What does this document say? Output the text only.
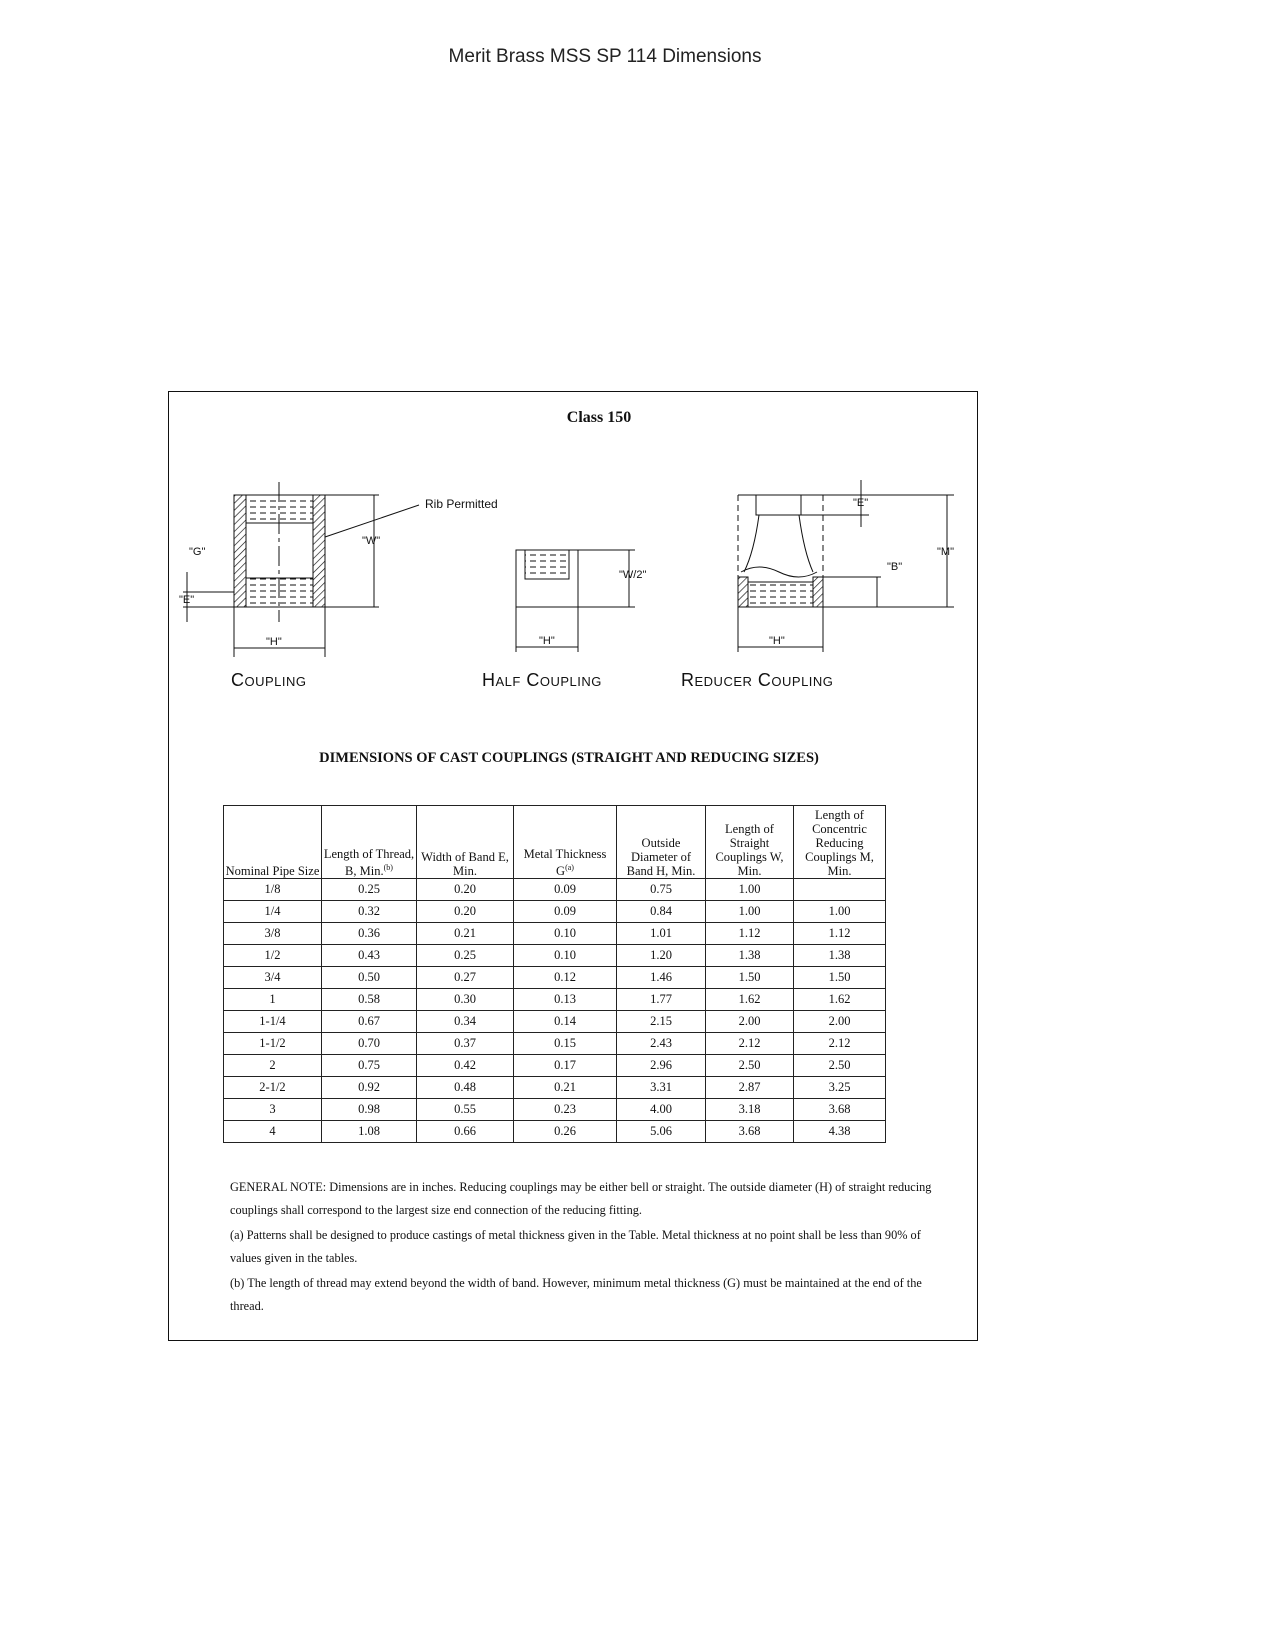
Merit Brass MSS SP 114 Dimensions
Class 150
"G"
"E"
"W"
"H"
Rib Permitted
"W/2"
"H"
"E"
"B"
"M"
"H"
Coupling	Half Coupling	Reducer Coupling
DIMENSIONS OF CAST COUPLINGS (STRAIGHT AND REDUCING SIZES)
Nominal Pipe Size	Length of Thread, B, Min.$^{(b)}$	Width of Band E, Min.	Metal Thickness $G^{(a)}$	Outside Diameter of Band H, Min.	Length of Straight Couplings W, Min.	Length of Concentric Reducing Couplings M, Min.
1/8	0.25	0.20	0.09	0.75	1.00	
1/4	0.32	0.20	0.09	0.84	1.00	1.00
3/8	0.36	0.21	0.10	1.01	1.12	1.12
1/2	0.43	0.25	0.10	1.20	1.38	1.38
3/4	0.50	0.27	0.12	1.46	1.50	1.50
1	0.58	0.30	0.13	1.77	1.62	1.62
1-1/4	0.67	0.34	0.14	2.15	2.00	2.00
1-1/2	0.70	0.37	0.15	2.43	2.12	2.12
2	0.75	0.42	0.17	2.96	2.50	2.50
2-1/2	0.92	0.48	0.21	3.31	2.87	3.25
3	0.98	0.55	0.23	4.00	3.18	3.68
4	1.08	0.66	0.26	5.06	3.68	4.38

GENERAL NOTE: Dimensions are in inches. Reducing couplings may be either bell or straight. The outside diameter (H) of straight reducing couplings shall correspond to the largest size end connection of the reducing fitting.

(a) Patterns shall be designed to produce castings of metal thickness given in the Table. Metal thickness at no point shall be less than 90% of values given in the tables.

(b) The length of thread may extend beyond the width of band. However, minimum metal thickness (G) must be maintained at the end of the thread.
